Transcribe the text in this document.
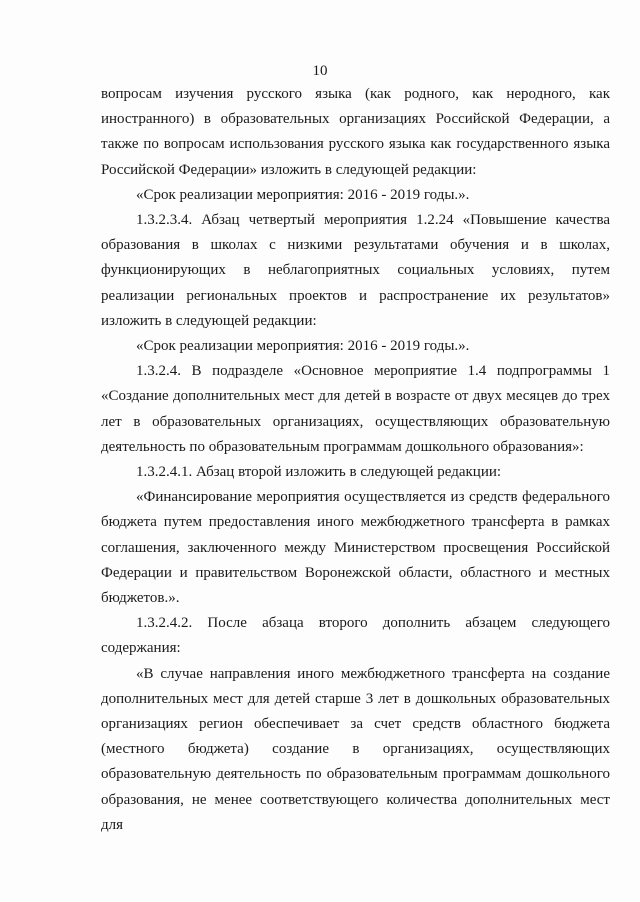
10

вопросам изучения русского языка (как родного, как неродного, как иностранного) в образовательных организациях Российской Федерации, а также по вопросам использования русского языка как государственного языка Российской Федерации» изложить в следующей редакции:

«Срок реализации мероприятия: 2016 - 2019 годы.».

1.3.2.3.4. Абзац четвертый мероприятия 1.2.24 «Повышение качества образования в школах с низкими результатами обучения и в школах, функционирующих в неблагоприятных социальных условиях, путем реализации региональных проектов и распространение их результатов» изложить в следующей редакции:

«Срок реализации мероприятия: 2016 - 2019 годы.».

1.3.2.4. В подразделе «Основное мероприятие 1.4 подпрограммы 1 «Создание дополнительных мест для детей в возрасте от двух месяцев до трех лет в образовательных организациях, осуществляющих образовательную деятельность по образовательным программам дошкольного образования»:

1.3.2.4.1. Абзац второй изложить в следующей редакции:

«Финансирование мероприятия осуществляется из средств федерального бюджета путем предоставления иного межбюджетного трансферта в рамках соглашения, заключенного между Министерством просвещения Российской Федерации и правительством Воронежской области, областного и местных бюджетов.».

1.3.2.4.2. После абзаца второго дополнить абзацем следующего содержания:

«В случае направления иного межбюджетного трансферта на создание дополнительных мест для детей старше 3 лет в дошкольных образовательных организациях регион обеспечивает за счет средств областного бюджета (местного бюджета) создание в организациях, осуществляющих образовательную деятельность по образовательным программам дошкольного образования, не менее соответствующего количества дополнительных мест для
